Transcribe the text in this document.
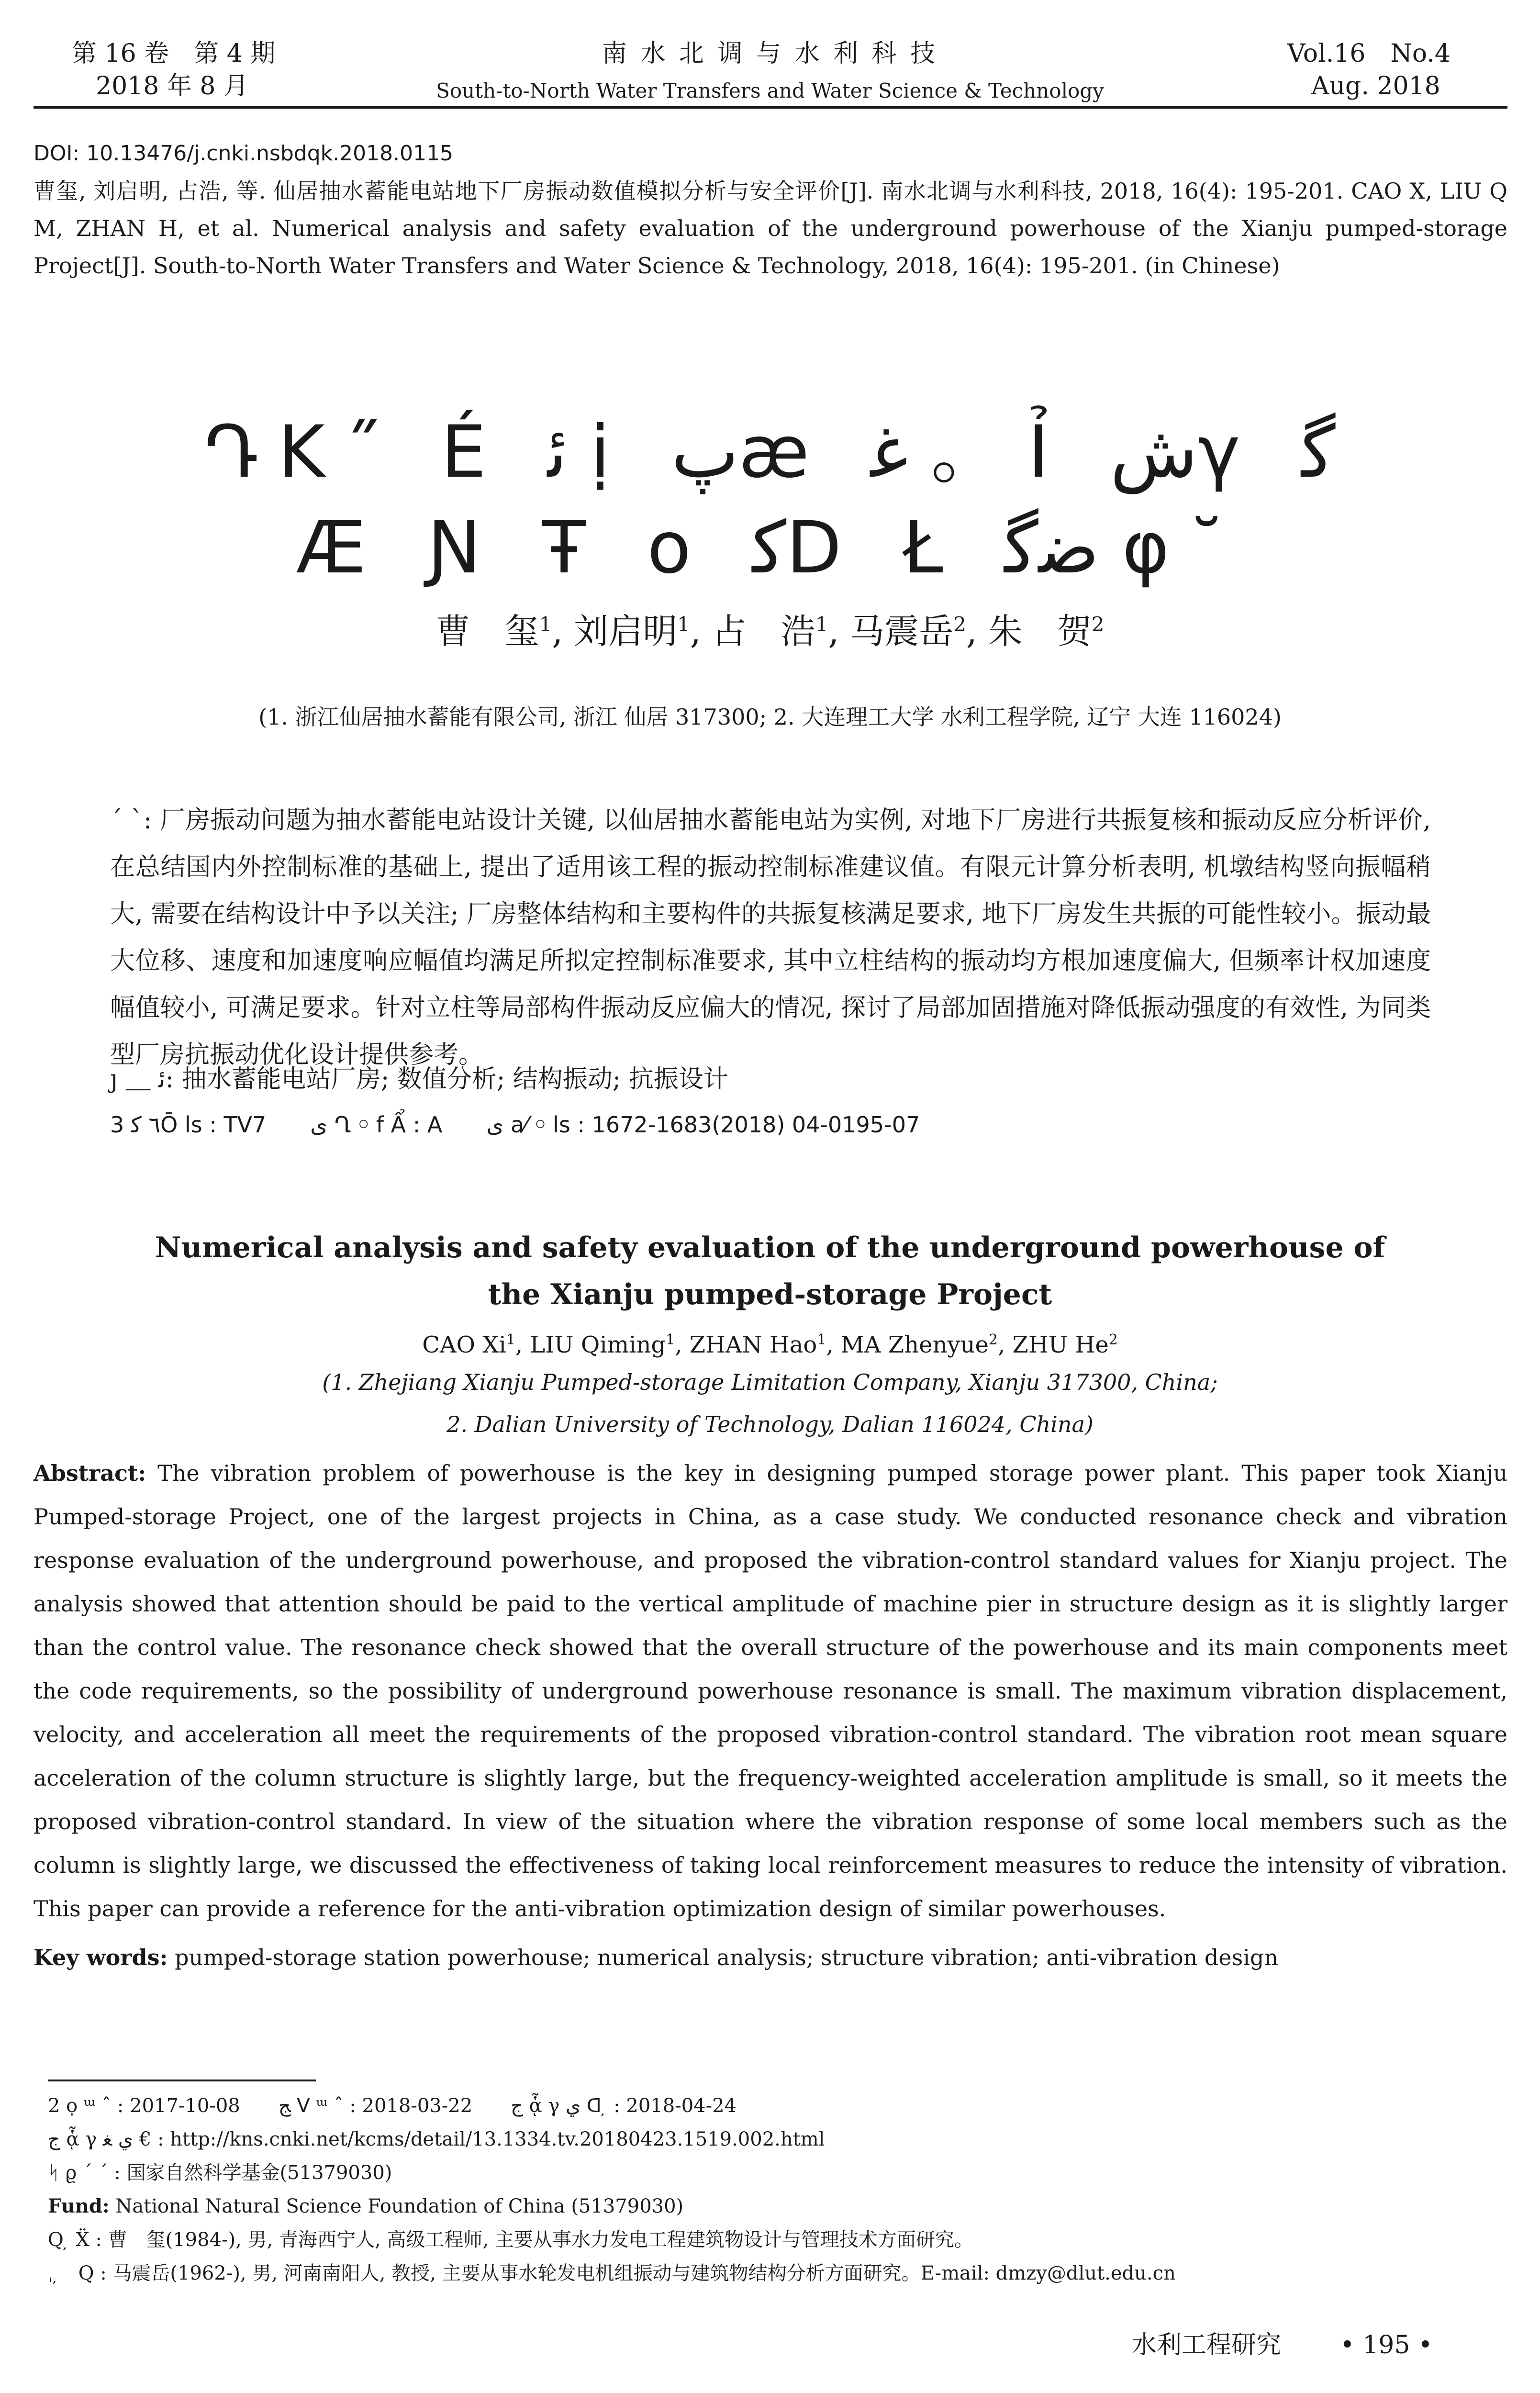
第 16 卷　第 4 期
2018 年 8 月
南 水 北 调 与 水 利 科 技
South-to-North Water Transfers and Water Science & Technology
Vol.16　No.4
Aug. 2018
DOI: 10.13476/j.cnki.nsbdqk.2018.0115
曹玺, 刘启明, 占浩, 等. 仙居抽水蓄能电站地下厂房振动数值模拟分析与安全评价[J]. 南水北调与水利科技, 2018, 16(4): 195-201. CAO X, LIU Q M, ZHAN H, et al. Numerical analysis and safety evaluation of the underground powerhouse of the Xianju pumped-storage Project[J]. South-to-North Water Transfers and Water Science & Technology, 2018, 16(4): 195-201. (in Chinese)
ԴΚ˝ É ﺋ ị پæ ﻏ ｡ Ỉ ﺵγ ﮔ
Æ Ɲ Ŧ o ﮐD Ł ﺿﮔ φ˘
曹　玺$^1$, 刘启明$^1$, 占　浩$^1$, 马震岳$^2$, 朱　贺$^2$
(1. 浙江仙居抽水蓄能有限公司, 浙江 仙居 317300; 2. 大连理工大学 水利工程学院, 辽宁 大连 116024)
ˊ ˋ: 厂房振动问题为抽水蓄能电站设计关键, 以仙居抽水蓄能电站为实例, 对地下厂房进行共振复核和振动反应分析评价, 在总结国内外控制标准的基础上, 提出了适用该工程的振动控制标准建议值。有限元计算分析表明, 机墩结构竖向振幅稍大, 需要在结构设计中予以关注; 厂房整体结构和主要构件的共振复核满足要求, 地下厂房发生共振的可能性较小。振动最大位移、速度和加速度响应幅值均满足所拟定控制标准要求, 其中立柱结构的振动均方根加速度偏大, 但频率计权加速度幅值较小, 可满足要求。针对立柱等局部构件振动反应偏大的情况, 探讨了局部加固措施对降低振动强度的有效性, 为同类型厂房抗振动优化设计提供参考。
ȷ ＿ ﺋ: 抽水蓄能电站厂房; 数值分析; 结构振动; 抗振设计
3 ٦ ﮐŌ ls : TV7　　ى Ղ ￮ f Ẩ : A　　ى a⁄ ￮ ls : 1672-1683(2018) 04-0195-07
Numerical analysis and safety evaluation of the underground powerhouse of
the Xianju pumped-storage Project
CAO Xi$^1$, LIU Qiming$^1$, ZHAN Hao$^1$, MA Zhenyue$^2$, ZHU He$^2$
(1. Zhejiang Xianju Pumped-storage Limitation Company, Xianju 317300, China;
2. Dalian University of Technology, Dalian 116024, China)
Abstract: The vibration problem of powerhouse is the key in designing pumped storage power plant. This paper took Xianju Pumped-storage Project, one of the largest projects in China, as a case study. We conducted resonance check and vibration response evaluation of the underground powerhouse, and proposed the vibration-control standard values for Xianju project. The analysis showed that attention should be paid to the vertical amplitude of machine pier in structure design as it is slightly larger than the control value. The resonance check showed that the overall structure of the powerhouse and its main components meet the code requirements, so the possibility of underground powerhouse resonance is small. The maximum vibration displacement, velocity, and acceleration all meet the requirements of the proposed vibration-control standard. The vibration root mean square acceleration of the column structure is slightly large, but the frequency-weighted acceleration amplitude is small, so it meets the proposed vibration-control standard. In view of the situation where the vibration response of some local members such as the column is slightly large, we discussed the effectiveness of taking local reinforcement measures to reduce the intensity of vibration. This paper can provide a reference for the anti-vibration optimization design of similar powerhouses.
Key words: pumped-storage station powerhouse; numerical analysis; structure vibration; anti-vibration design
2 ọ ᵚ ˆ : 2017-10-08　　ﺞ ᐯ ᵚ ˆ : 2018-03-22　　ﺝ ᾇ γ ي ᗡ ̦ : 2018-04-24
ﺝ ᾇ γ ي ﻐ € : http://kns.cnki.net/kcms/detail/13.1334.tv.20180423.1519.002.html
ᛋ ϱ ˊ ˊ : 国家自然科学基金(51379030)
Fund: National Natural Science Foundation of China (51379030)
Q ̦ Ẍ : 曹　玺(1984-), 男, 青海西宁人, 高级工程师, 主要从事水力发电工程建筑物设计与管理技术方面研究。
ˌ ̦　Q : 马震岳(1962-), 男, 河南南阳人, 教授, 主要从事水轮发电机组振动与建筑物结构分析方面研究。E-mail: dmzy@dlut.edu.cn
水利工程研究 • 195 •
